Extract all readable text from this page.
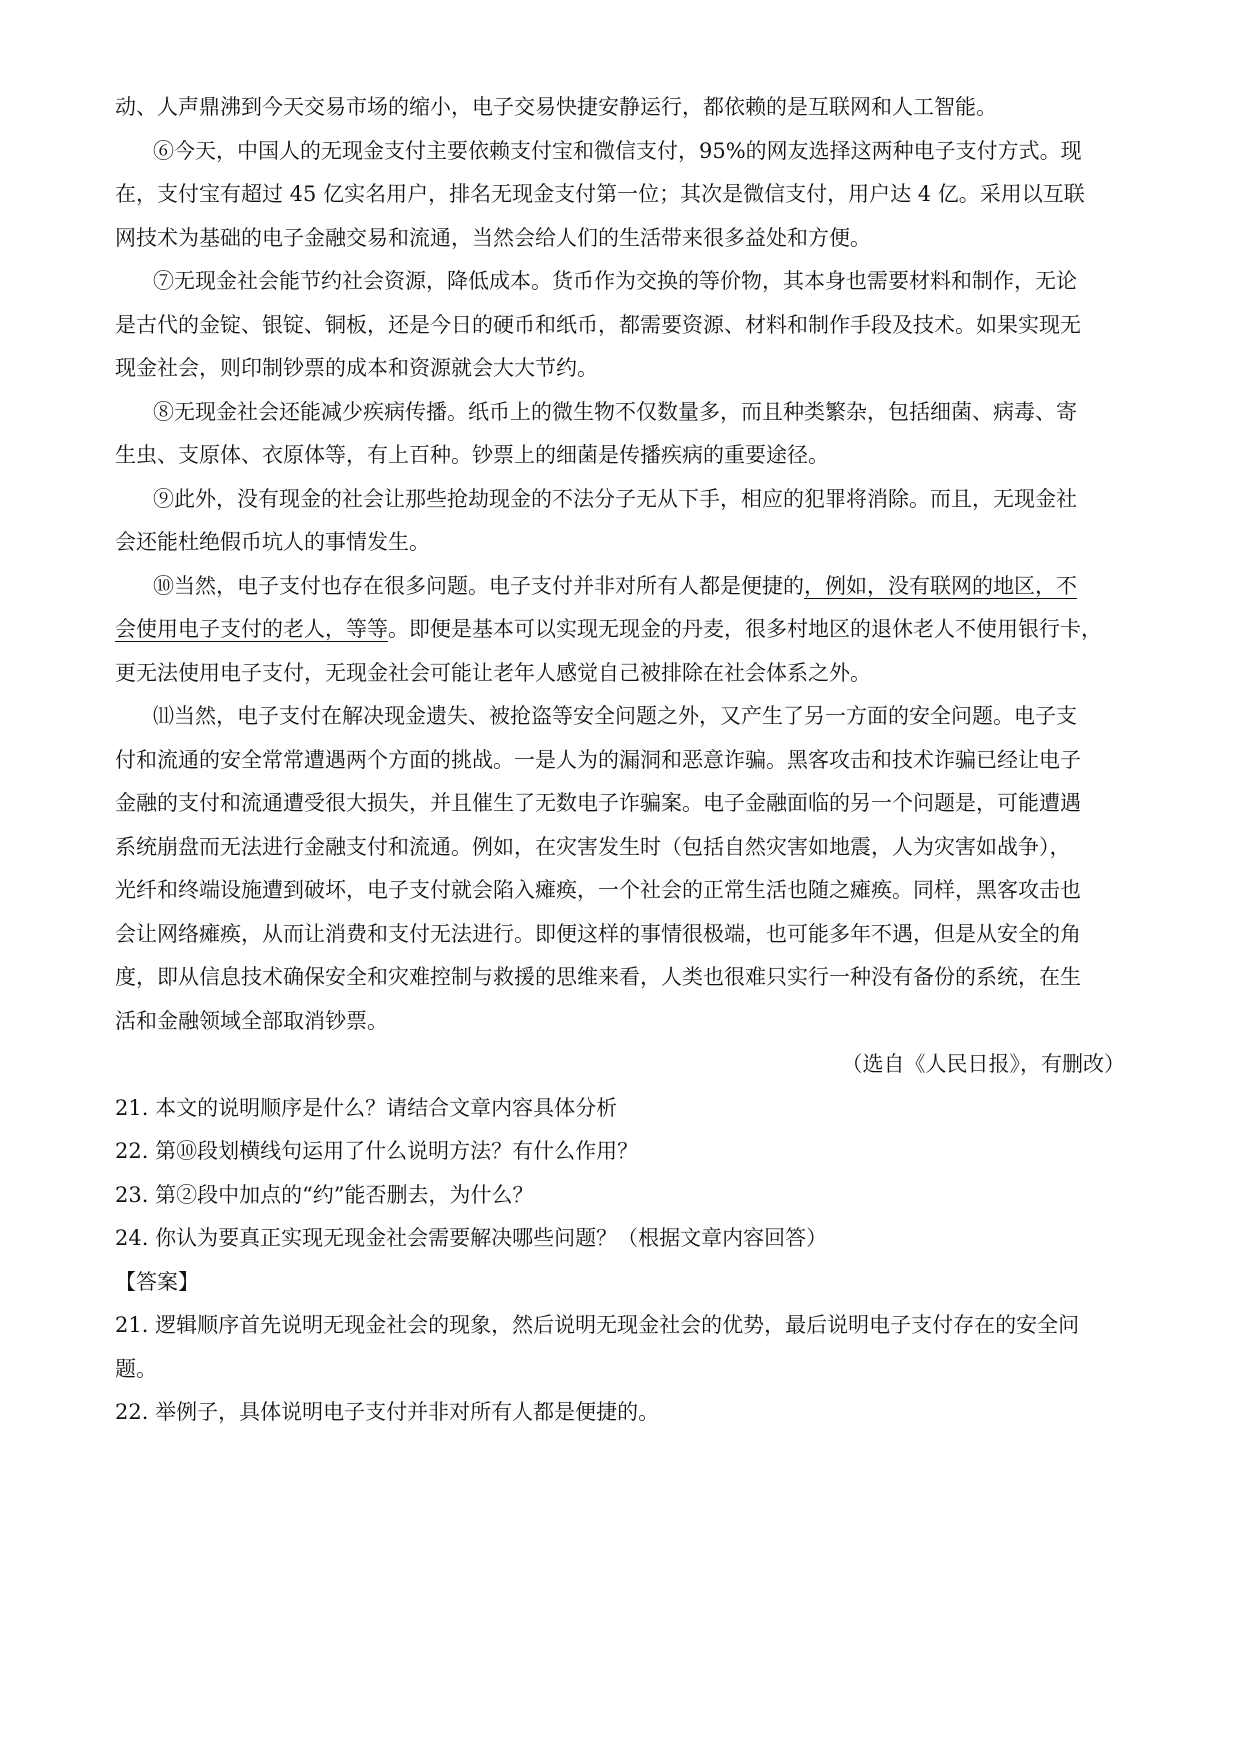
动、人声鼎沸到今天交易市场的缩小，电子交易快捷安静运行，都依赖的是互联网和人工智能。
⑥今天，中国人的无现金支付主要依赖支付宝和微信支付，95%的网友选择这两种电子支付方式。现
在，支付宝有超过 45 亿实名用户，排名无现金支付第一位；其次是微信支付，用户达 4 亿。采用以互联
网技术为基础的电子金融交易和流通，当然会给人们的生活带来很多益处和方便。
⑦无现金社会能节约社会资源，降低成本。货币作为交换的等价物，其本身也需要材料和制作，无论
是古代的金锭、银锭、铜板，还是今日的硬币和纸币，都需要资源、材料和制作手段及技术。如果实现无
现金社会，则印制钞票的成本和资源就会大大节约。
⑧无现金社会还能减少疾病传播。纸币上的微生物不仅数量多，而且种类繁杂，包括细菌、病毒、寄
生虫、支原体、衣原体等，有上百种。钞票上的细菌是传播疾病的重要途径。
⑨此外，没有现金的社会让那些抢劫现金的不法分子无从下手，相应的犯罪将消除。而且，无现金社
会还能杜绝假币坑人的事情发生。
⑩当然，电子支付也存在很多问题。电子支付并非对所有人都是便捷的，例如，没有联网的地区，不
会使用电子支付的老人，等等。即便是基本可以实现无现金的丹麦，很多村地区的退休老人不使用银行卡，
更无法使用电子支付，无现金社会可能让老年人感觉自己被排除在社会体系之外。
⑾当然，电子支付在解决现金遗失、被抢盗等安全问题之外，又产生了另一方面的安全问题。电子支
付和流通的安全常常遭遇两个方面的挑战。一是人为的漏洞和恶意诈骗。黑客攻击和技术诈骗已经让电子
金融的支付和流通遭受很大损失，并且催生了无数电子诈骗案。电子金融面临的另一个问题是，可能遭遇
系统崩盘而无法进行金融支付和流通。例如，在灾害发生时（包括自然灾害如地震，人为灾害如战争），
光纤和终端设施遭到破坏，电子支付就会陷入瘫痪，一个社会的正常生活也随之瘫痪。同样，黑客攻击也
会让网络瘫痪，从而让消费和支付无法进行。即便这样的事情很极端，也可能多年不遇，但是从安全的角
度，即从信息技术确保安全和灾难控制与救援的思维来看，人类也很难只实行一种没有备份的系统，在生
活和金融领域全部取消钞票。
（选自《人民日报》，有删改）
21. 本文的说明顺序是什么？请结合文章内容具体分析
22. 第⑩段划横线句运用了什么说明方法？有什么作用？
23. 第②段中加点的“约”能否删去，为什么？
24. 你认为要真正实现无现金社会需要解决哪些问题？（根据文章内容回答）
【答案】
21. 逻辑顺序首先说明无现金社会的现象，然后说明无现金社会的优势，最后说明电子支付存在的安全问
题。
22. 举例子，具体说明电子支付并非对所有人都是便捷的。
